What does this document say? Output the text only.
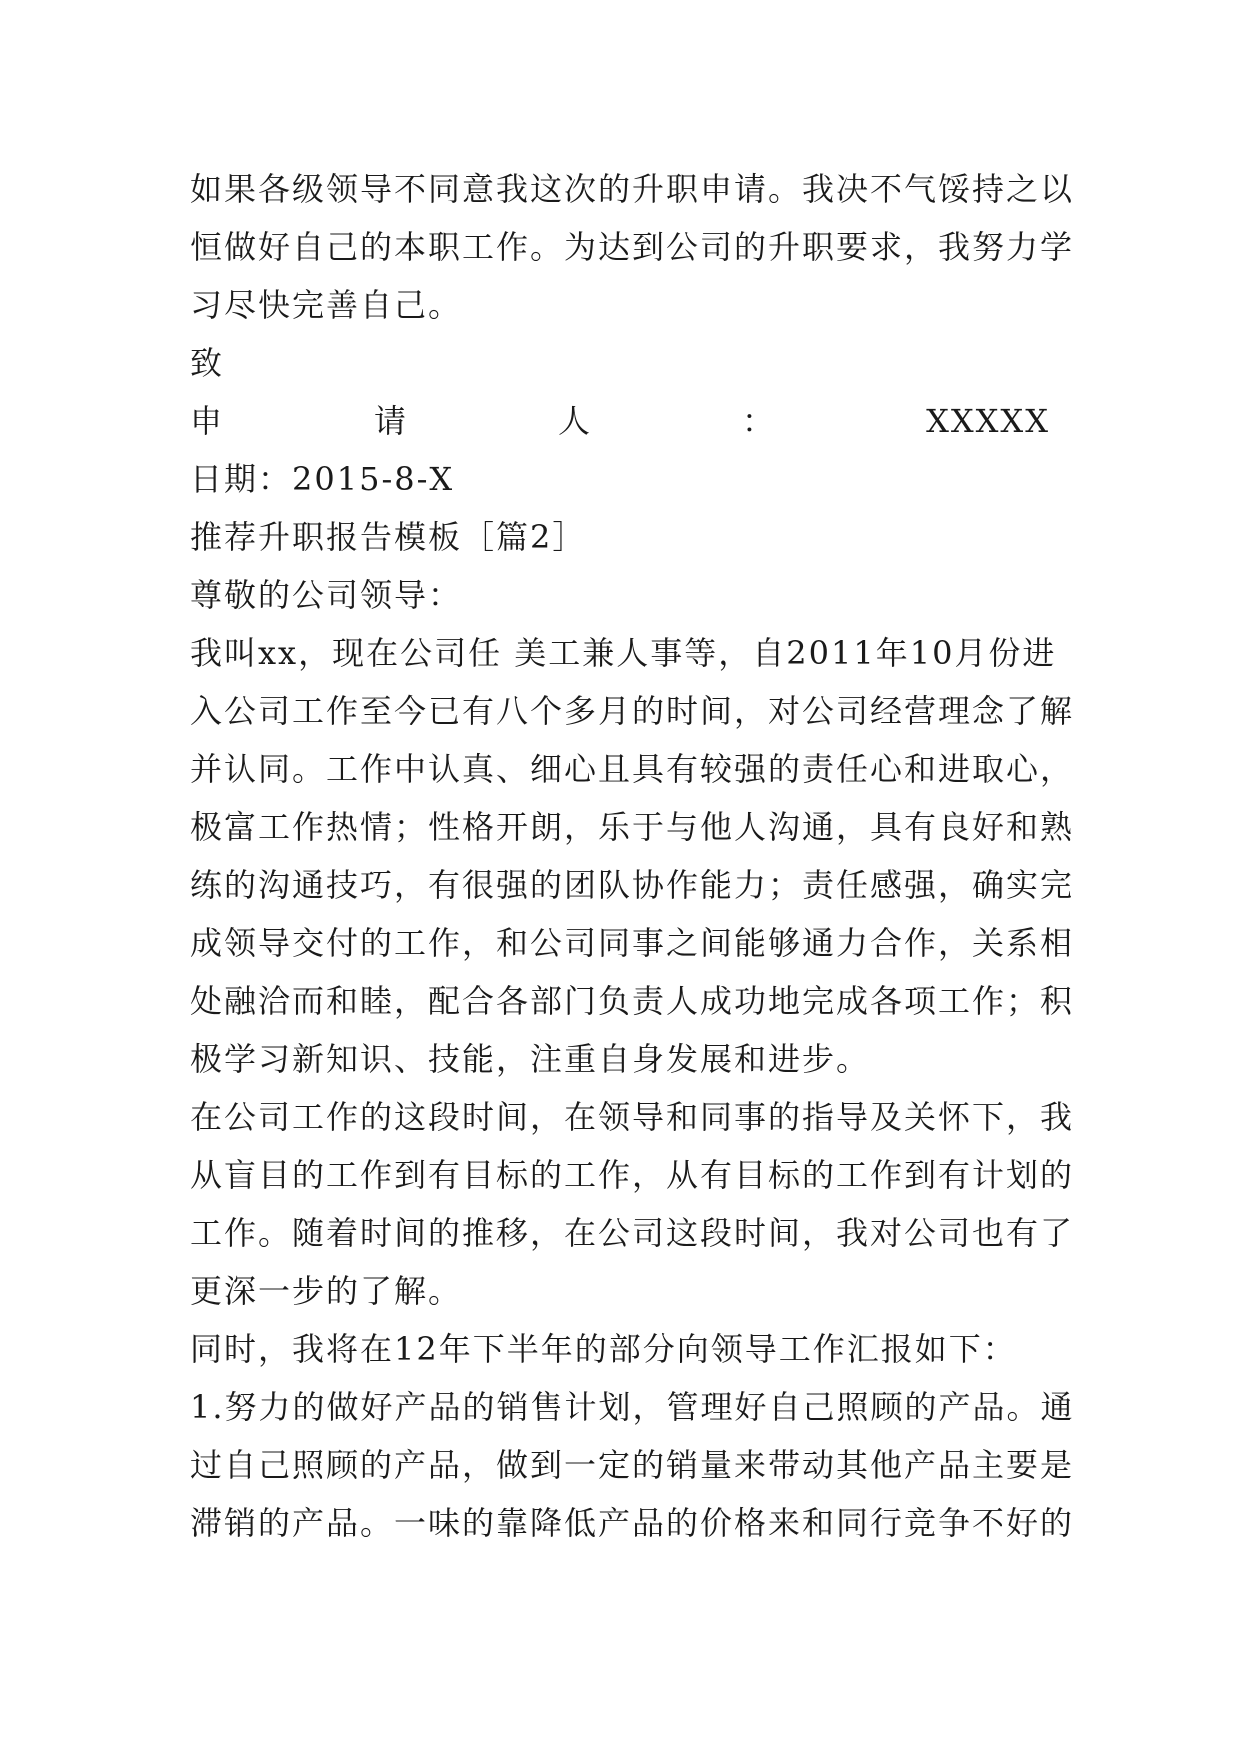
如果各级领导不同意我这次的升职申请。我决不气馁持之以
恒做好自己的本职工作。为达到公司的升职要求，我努力学
习尽快完善自己。
致
申	请	人	：	XXXXX
日期：2015-8-X
推荐升职报告模板［篇2］
尊敬的公司领导：
我叫xx，现在公司任 美工兼人事等，自2011年10月份进
入公司工作至今已有八个多月的时间，对公司经营理念了解
并认同。工作中认真、细心且具有较强的责任心和进取心，
极富工作热情；性格开朗，乐于与他人沟通，具有良好和熟
练的沟通技巧，有很强的团队协作能力；责任感强，确实完
成领导交付的工作，和公司同事之间能够通力合作，关系相
处融洽而和睦，配合各部门负责人成功地完成各项工作；积
极学习新知识、技能，注重自身发展和进步。
在公司工作的这段时间，在领导和同事的指导及关怀下，我
从盲目的工作到有目标的工作，从有目标的工作到有计划的
工作。随着时间的推移，在公司这段时间，我对公司也有了
更深一步的了解。
同时，我将在12年下半年的部分向领导工作汇报如下：
1.努力的做好产品的销售计划，管理好自己照顾的产品。通
过自己照顾的产品，做到一定的销量来带动其他产品主要是
滞销的产品。一味的靠降低产品的价格来和同行竞争不好的
